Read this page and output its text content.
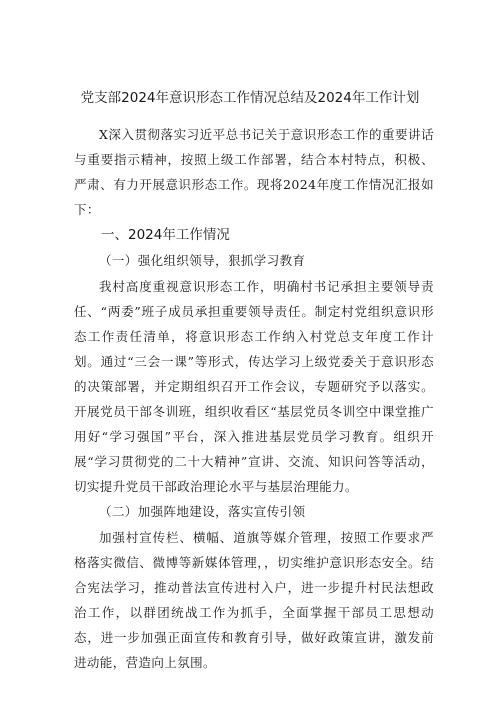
党支部2024年意识形态工作情况总结及2024年工作计划

X深入贯彻落实习近平总书记关于意识形态工作的重要讲话与重要指示精神，按照上级工作部署，结合本村特点，积极、严肃、有力开展意识形态工作。现将2024年度工作情况汇报如下：

一、2024年工作情况

（一）强化组织领导，狠抓学习教育

我村高度重视意识形态工作，明确村书记承担主要领导责任、“两委”班子成员承担重要领导责任。制定村党组织意识形态工作责任清单，将意识形态工作纳入村党总支年度工作计划。通过“三会一课”等形式，传达学习上级党委关于意识形态的决策部署，并定期组织召开工作会议，专题研究予以落实。开展党员干部冬训班，组织收看区“基层党员冬训空中课堂推广用好“学习强国”平台，深入推进基层党员学习教育。组织开展“学习贯彻党的二十大精神”宣讲、交流、知识问答等活动，切实提升党员干部政治理论水平与基层治理能力。

（二）加强阵地建设，落实宣传引领

加强村宣传栏、横幅、道旗等媒介管理，按照工作要求严格落实微信、微博等新媒体管理，，切实维护意识形态安全。结合宪法学习，推动普法宣传进村入户，进一步提升村民法想政治工作，以群团统战工作为抓手，全面掌握干部员工思想动态，进一步加强正面宣传和教育引导，做好政策宣讲，激发前进动能，营造向上氛围。
